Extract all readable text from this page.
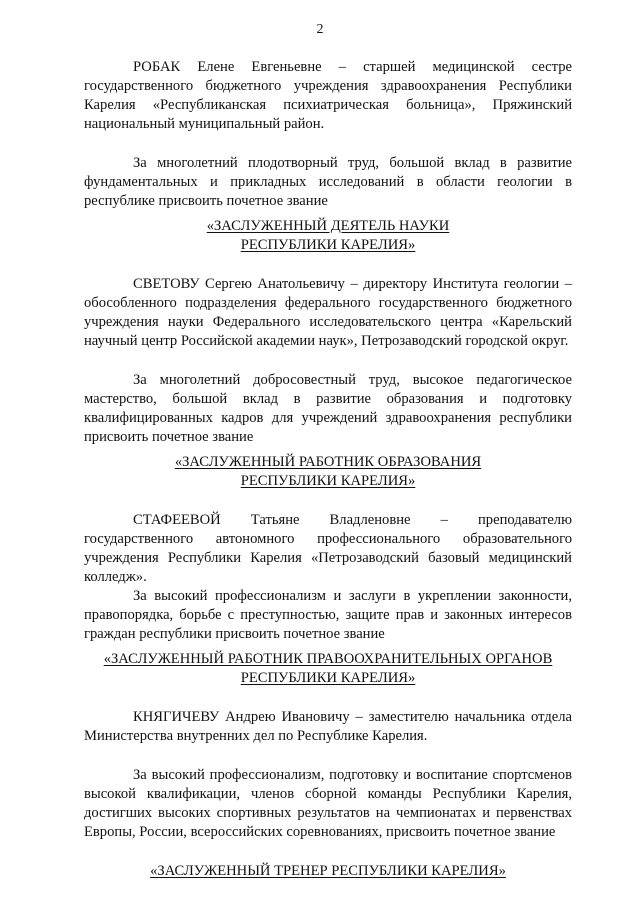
2

РОБАК Елене Евгеньевне – старшей медицинской сестре государственного бюджетного учреждения здравоохранения Республики Карелия «Республиканская психиатрическая больница», Пряжинский национальный муниципальный район.

За многолетний плодотворный труд, большой вклад в развитие фундаментальных и прикладных исследований в области геологии в республике присвоить почетное звание

«ЗАСЛУЖЕННЫЙ ДЕЯТЕЛЬ НАУКИ
РЕСПУБЛИКИ КАРЕЛИЯ»

СВЕТОВУ Сергею Анатольевичу – директору Института геологии – обособленного подразделения федерального государственного бюджетного учреждения науки Федерального исследовательского центра «Карельский научный центр Российской академии наук», Петрозаводский городской округ.

За многолетний добросовестный труд, высокое педагогическое мастерство, большой вклад в развитие образования и подготовку квалифицированных кадров для учреждений здравоохранения республики присвоить почетное звание

«ЗАСЛУЖЕННЫЙ РАБОТНИК ОБРАЗОВАНИЯ
РЕСПУБЛИКИ КАРЕЛИЯ»

СТАФЕЕВОЙ Татьяне Владленовне – преподавателю государственного автономного профессионального образовательного учреждения Республики Карелия «Петрозаводский базовый медицинский колледж».

За высокий профессионализм и заслуги в укреплении законности, правопорядка, борьбе с преступностью, защите прав и законных интересов граждан республики присвоить почетное звание

«ЗАСЛУЖЕННЫЙ РАБОТНИК ПРАВООХРАНИТЕЛЬНЫХ ОРГАНОВ
РЕСПУБЛИКИ КАРЕЛИЯ»

КНЯГИЧЕВУ Андрею Ивановичу – заместителю начальника отдела Министерства внутренних дел по Республике Карелия.

За высокий профессионализм, подготовку и воспитание спортсменов высокой квалификации, членов сборной команды Республики Карелия, достигших высоких спортивных результатов на чемпионатах и первенствах Европы, России, всероссийских соревнованиях, присвоить почетное звание

«ЗАСЛУЖЕННЫЙ ТРЕНЕР РЕСПУБЛИКИ КАРЕЛИЯ»
